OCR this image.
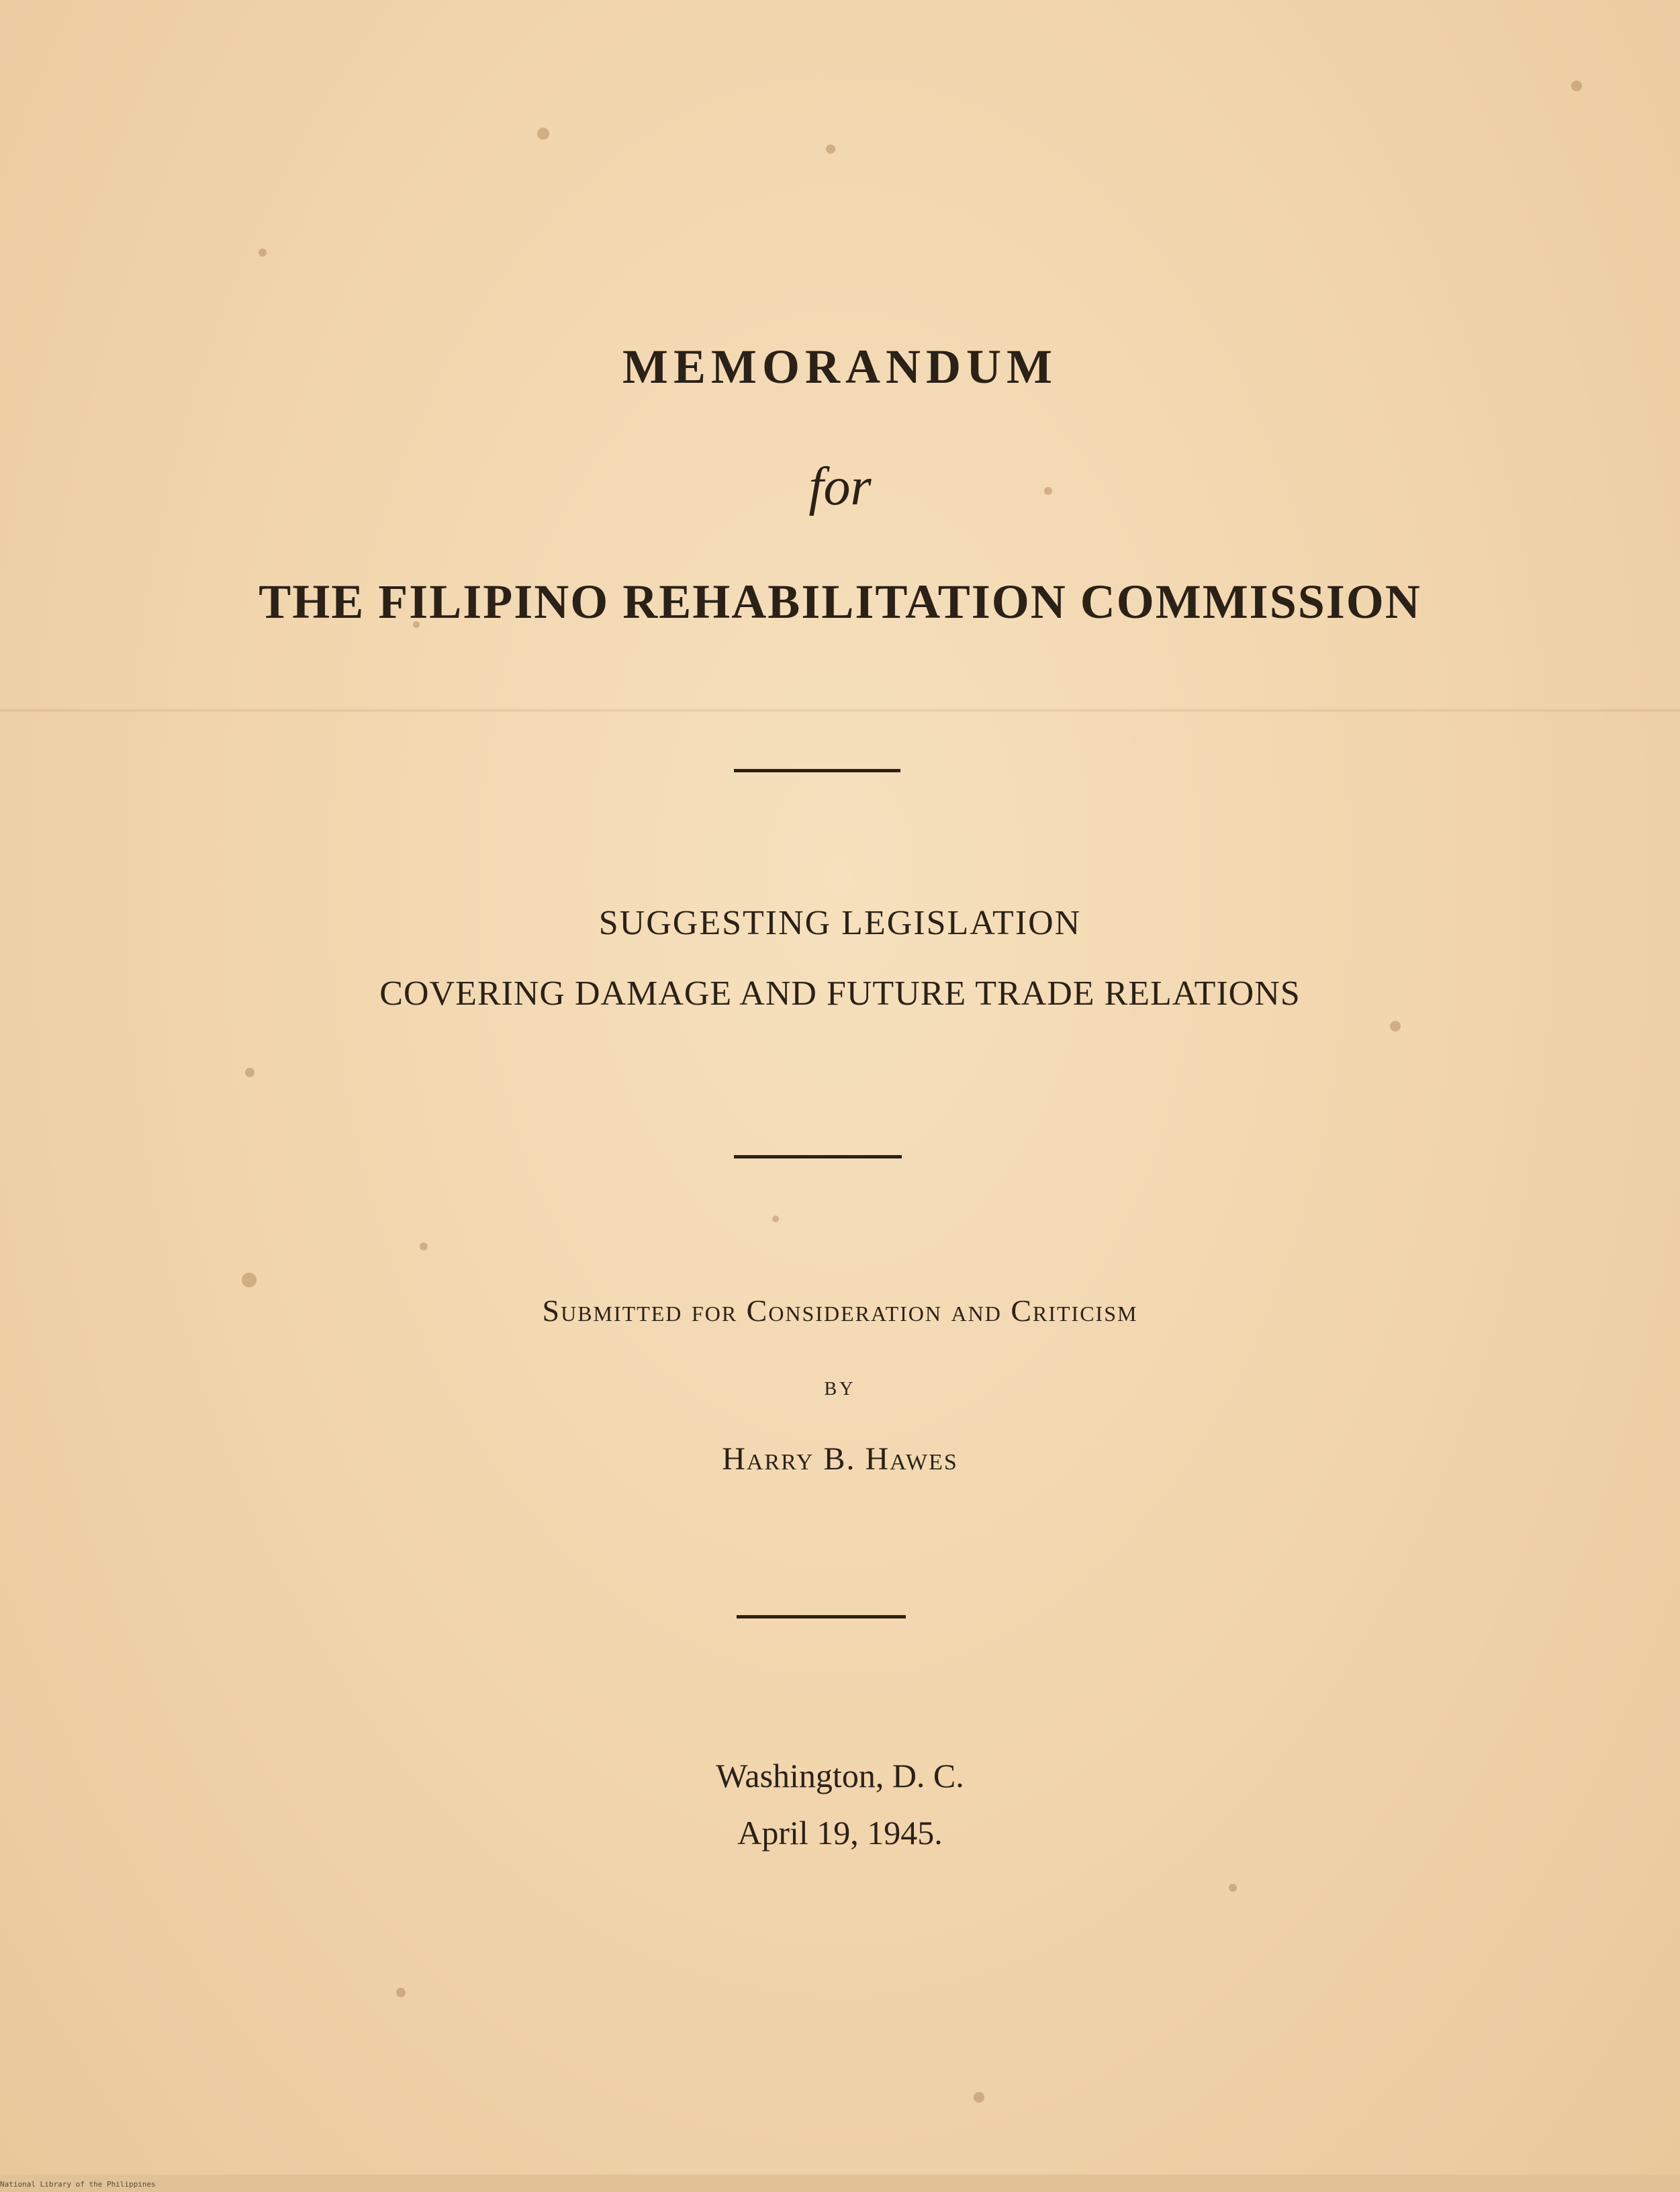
MEMORANDUM
for
THE FILIPINO REHABILITATION COMMISSION
SUGGESTING LEGISLATION
COVERING DAMAGE AND FUTURE TRADE RELATIONS
Submitted for Consideration and Criticism
by
Harry B. Hawes
Washington, D. C.
April 19, 1945.
National Library of the Philippines
